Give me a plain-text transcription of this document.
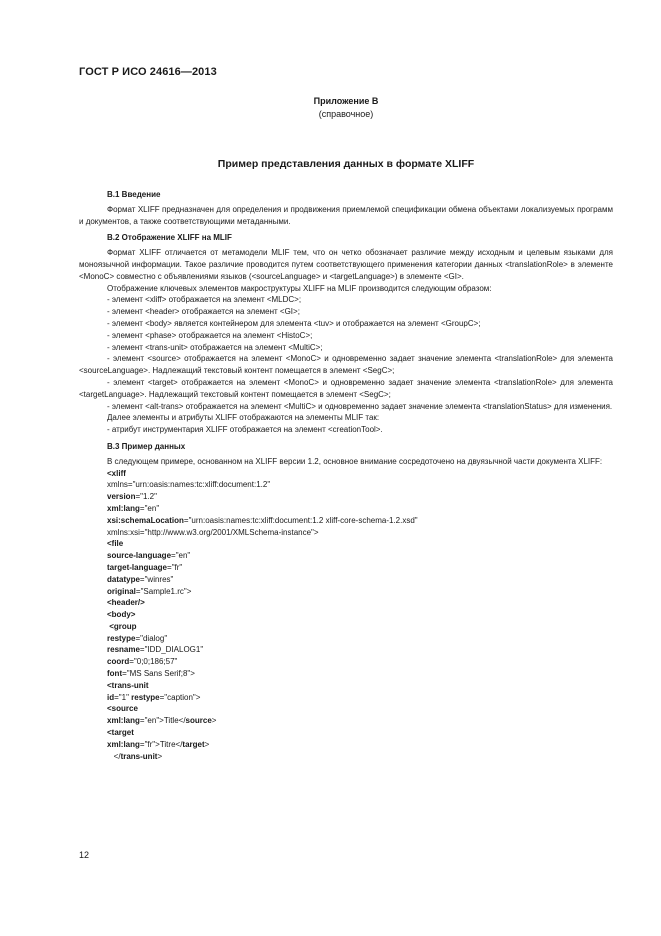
ГОСТ Р ИСО 24616—2013
Приложение В
(справочное)
Пример представления данных в формате XLIFF

В.1 Введение

Формат XLIFF предназначен для определения и продвижения приемлемой спецификации обмена объектами локализуемых программ и документов, а также соответствующими метаданными.

В.2 Отображение XLIFF на MLIF

Формат XLIFF отличается от метамодели MLIF тем, что он четко обозначает различие между исходным и целевым языками для моноязычной информации. Такое различие проводится путем соответствующего применения категории данных <translationRole> в элементе <MonoC> совместно с объявлениями языков (<sourceLanguage> и <targetLanguage>) в элементе <GI>.

Отображение ключевых элементов макроструктуры XLIFF на MLIF производится следующим образом:

- элемент <xliff> отображается на элемент <MLDC>;

- элемент <header> отображается на элемент <GI>;

- элемент <body> является контейнером для элемента <tuv> и отображается на элемент <GroupC>;

- элемент <phase> отображается на элемент <HistoC>;

- элемент <trans-unit> отображается на элемент <MultiC>;

- элемент <source> отображается на элемент <MonoC> и одновременно задает значение элемента <translationRole> для элемента <sourceLanguage>. Надлежащий текстовый контент помещается в элемент <SegC>;

- элемент <target> отображается на элемент <MonoC> и одновременно задает значение элемента <translationRole> для элемента <targetLanguage>. Надлежащий текстовый контент помещается в элемент <SegC>;

- элемент <alt-trans> отображается на элемент <MultiC> и одновременно задает значение элемента <translationStatus> для изменения.

Далее элементы и атрибуты XLIFF отображаются на элементы MLIF так:

- атрибут инструментария XLIFF отображается на элемент <creationTool>.

В.3 Пример данных

В следующем примере, основанном на XLIFF версии 1.2, основное внимание сосредоточено на двуязычной части документа XLIFF:

<xliff
xmlns="urn:oasis:names:tc:xliff:document:1.2"
version="1.2"
xml:lang="en"
xsi:schemaLocation="urn:oasis:names:tc:xliff:document:1.2 xliff-core-schema-1.2.xsd"
xmlns:xsi="http://www.w3.org/2001/XMLSchema-instance">
<file
source-language="en"
target-language="fr"
datatype="winres"
original="Sample1.rc">
<header/>
<body>
<group
restype="dialog"
resname="IDD_DIALOG1"
coord="0;0;186;57"
font="MS Sans Serif;8">
<trans-unit
id="1" restype="caption">
<source
xml:lang="en">Title</source>
<target
xml:lang="fr">Titre</target>
</trans-unit>
12
